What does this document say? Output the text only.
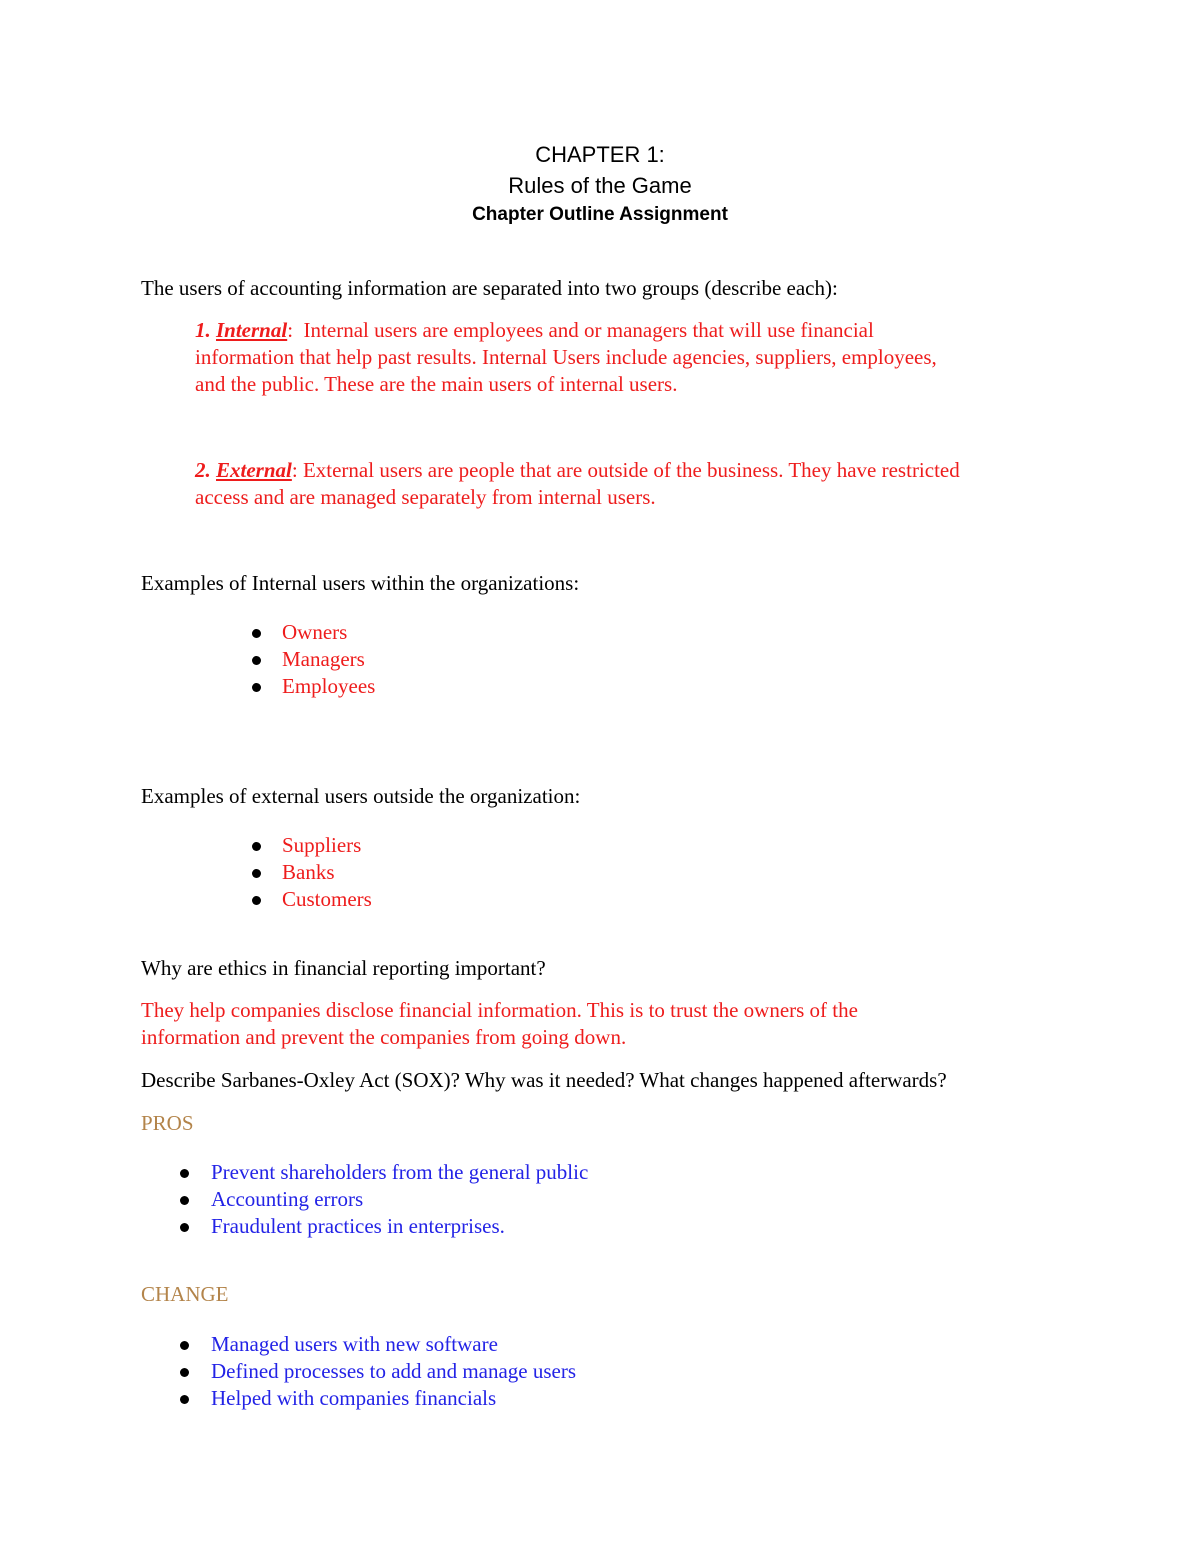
CHAPTER 1:
Rules of the Game
Chapter Outline Assignment
The users of accounting information are separated into two groups (describe each):
1. Internal: Internal users are employees and or managers that will use financial
information that help past results. Internal Users include agencies, suppliers, employees,
and the public. These are the main users of internal users.
2. External: External users are people that are outside of the business. They have restricted
access and are managed separately from internal users.
Examples of Internal users within the organizations:
Owners
Managers
Employees
Examples of external users outside the organization:
Suppliers
Banks
Customers
Why are ethics in financial reporting important?
They help companies disclose financial information. This is to trust the owners of the
information and prevent the companies from going down.
Describe Sarbanes-Oxley Act (SOX)? Why was it needed? What changes happened afterwards?
PROS
Prevent shareholders from the general public
Accounting errors
Fraudulent practices in enterprises.
CHANGE
Managed users with new software
Defined processes to add and manage users
Helped with companies financials
